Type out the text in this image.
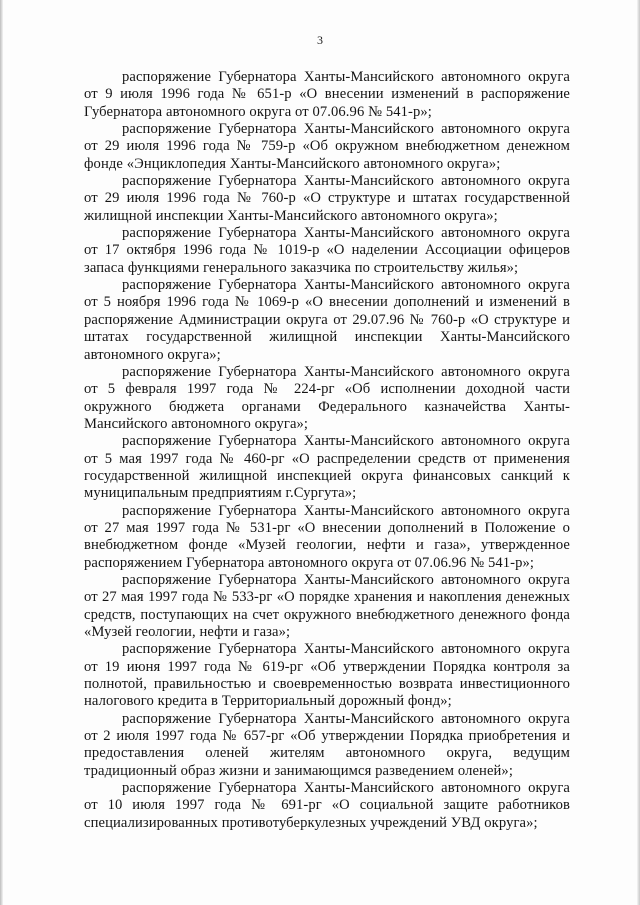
3

распоряжение Губернатора Ханты-Мансийского автономного округа от 9 июля 1996 года № 651-р «О внесении изменений в распоряжение Губернатора автономного округа от 07.06.96 № 541-р»;

распоряжение Губернатора Ханты-Мансийского автономного округа от 29 июля 1996 года № 759-р «Об окружном внебюджетном денежном фонде «Энциклопедия Ханты-Мансийского автономного округа»;

распоряжение Губернатора Ханты-Мансийского автономного округа от 29 июля 1996 года № 760-р «О структуре и штатах государственной жилищной инспекции Ханты-Мансийского автономного округа»;

распоряжение Губернатора Ханты-Мансийского автономного округа от 17 октября 1996 года № 1019-р «О наделении Ассоциации офицеров запаса функциями генерального заказчика по строительству жилья»;

распоряжение Губернатора Ханты-Мансийского автономного округа от 5 ноября 1996 года № 1069-р «О внесении дополнений и изменений в распоряжение Администрации округа от 29.07.96 № 760-р «О структуре и штатах государственной жилищной инспекции Ханты-Мансийского автономного округа»;

распоряжение Губернатора Ханты-Мансийского автономного округа от 5 февраля 1997 года № 224-рг «Об исполнении доходной части окружного бюджета органами Федерального казначейства Ханты-Мансийского автономного округа»;

распоряжение Губернатора Ханты-Мансийского автономного округа от 5 мая 1997 года № 460-рг «О распределении средств от применения государственной жилищной инспекцией округа финансовых санкций к муниципальным предприятиям г.Сургута»;

распоряжение Губернатора Ханты-Мансийского автономного округа от 27 мая 1997 года № 531-рг «О внесении дополнений в Положение о внебюджетном фонде «Музей геологии, нефти и газа», утвержденное распоряжением Губернатора автономного округа от 07.06.96 № 541-р»;

распоряжение Губернатора Ханты-Мансийского автономного округа от 27 мая 1997 года № 533-рг «О порядке хранения и накопления денежных средств, поступающих на счет окружного внебюджетного денежного фонда «Музей геологии, нефти и газа»;

распоряжение Губернатора Ханты-Мансийского автономного округа от 19 июня 1997 года № 619-рг «Об утверждении Порядка контроля за полнотой, правильностью и своевременностью возврата инвестиционного налогового кредита в Территориальный дорожный фонд»;

распоряжение Губернатора Ханты-Мансийского автономного округа от 2 июля 1997 года № 657-рг «Об утверждении Порядка приобретения и предоставления оленей жителям автономного округа, ведущим традиционный образ жизни и занимающимся разведением оленей»;

распоряжение Губернатора Ханты-Мансийского автономного округа от 10 июля 1997 года № 691-рг «О социальной защите работников специализированных противотуберкулезных учреждений УВД округа»;
